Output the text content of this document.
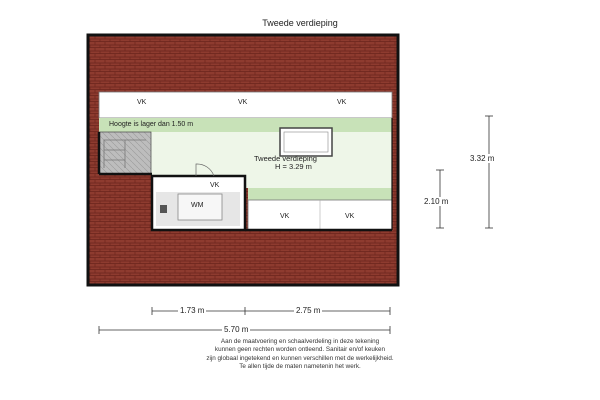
Tweede verdieping
VK	VK	VK
Hoogte is lager dan 1.50 m
Tweede verdieping
H = 3.29 m
VK
WM
VK	VK
3.32 m
2.10 m
1.73 m	2.75 m
5.70 m
Aan de maatvoering en schaalverdeling in deze tekening
kunnen geen rechten worden ontleend. Sanitair en/of keuken
zijn globaal ingetekend en kunnen verschillen met de werkelijkheid.
Te allen tijde de maten nametenin het werk.
